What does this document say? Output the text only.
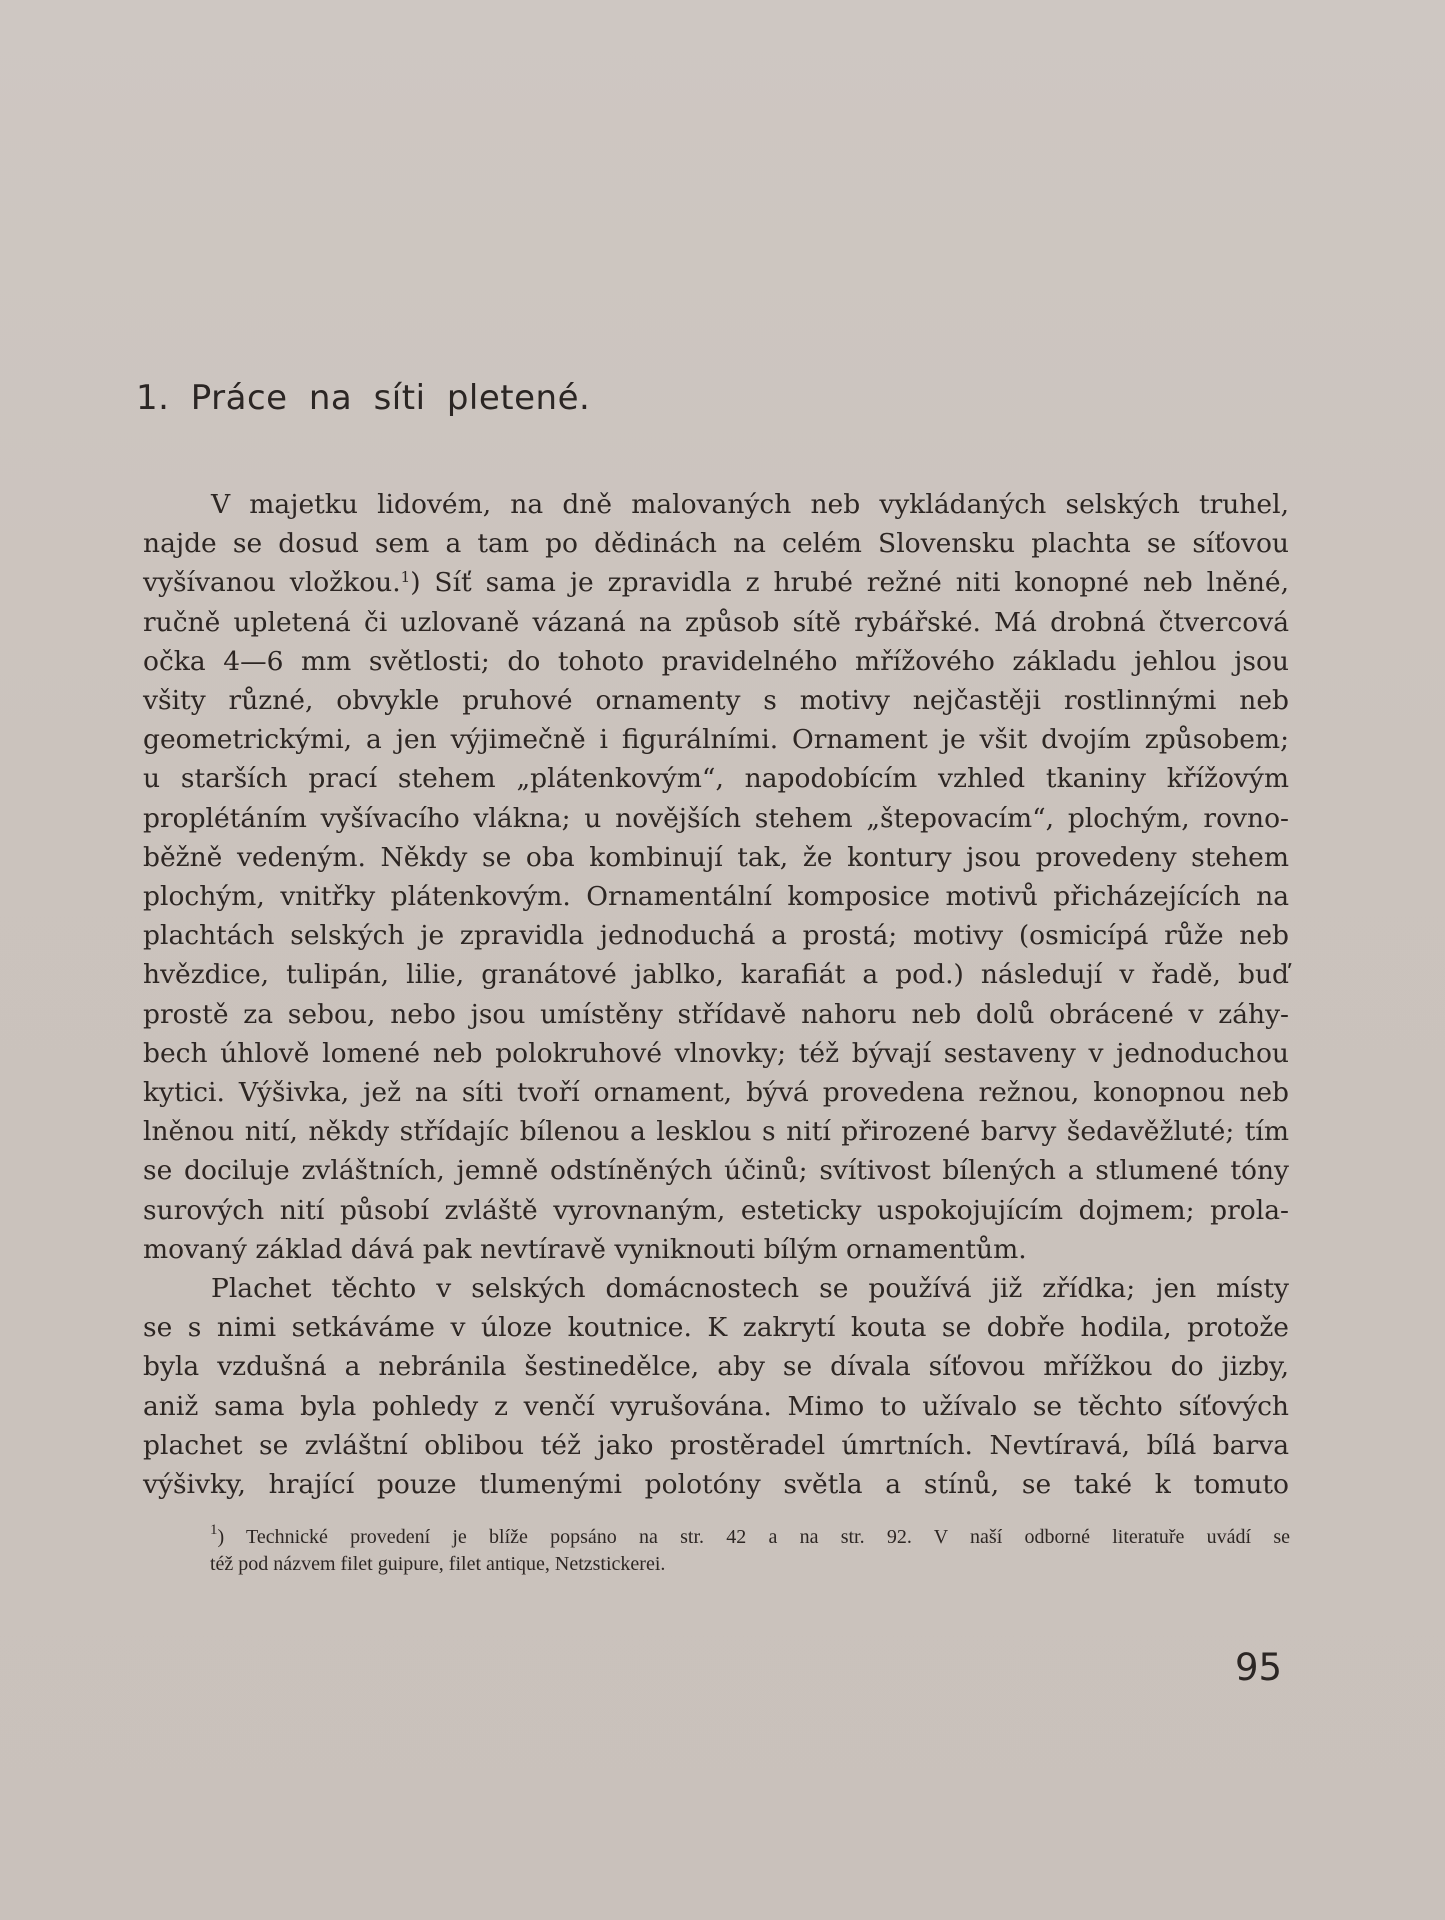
1. Práce na síti pletené.
V majetku lidovém, na dně malovaných neb vykládaných selských truhel,
najde se dosud sem a tam po dědinách na celém Slovensku plachta se síťovou
vyšívanou vložkou.$^1$) Síť sama je zpravidla z hrubé režné niti konopné neb lněné,
ručně upletená či uzlovaně vázaná na způsob sítě rybářské. Má drobná čtvercová
očka 4—6 mm světlosti; do tohoto pravidelného mřížového základu jehlou jsou
všity různé, obvykle pruhové ornamenty s motivy nejčastěji rostlinnými neb
geometrickými, a jen výjimečně i figurálními. Ornament je všit dvojím způsobem;
u starších prací stehem „plátenkovým“, napodobícím vzhled tkaniny křížovým
proplétáním vyšívacího vlákna; u novějších stehem „štepovacím“, plochým, rovno-
běžně vedeným. Někdy se oba kombinují tak, že kontury jsou provedeny stehem
plochým, vnitřky plátenkovým. Ornamentální komposice motivů přicházejících na
plachtách selských je zpravidla jednoduchá a prostá; motivy (osmicípá růže neb
hvězdice, tulipán, lilie, granátové jablko, karafiát a pod.) následují v řadě, buď
prostě za sebou, nebo jsou umístěny střídavě nahoru neb dolů obrácené v záhy-
bech úhlově lomené neb polokruhové vlnovky; též bývají sestaveny v jednoduchou
kytici. Výšivka, jež na síti tvoří ornament, bývá provedena režnou, konopnou neb
lněnou nití, někdy střídajíc bílenou a lesklou s nití přirozené barvy šedavěžluté; tím
se dociluje zvláštních, jemně odstíněných účinů; svítivost bílených a stlumené tóny
surových nití působí zvláště vyrovnaným, esteticky uspokojujícím dojmem; prola-
movaný základ dává pak nevtíravě vyniknouti bílým ornamentům.
Plachet těchto v selských domácnostech se používá již zřídka; jen místy
se s nimi setkáváme v úloze koutnice. K zakrytí kouta se dobře hodila, protože
byla vzdušná a nebránila šestinedělce, aby se dívala síťovou mřížkou do jizby,
aniž sama byla pohledy z venčí vyrušována. Mimo to užívalo se těchto síťových
plachet se zvláštní oblibou též jako prostěradel úmrtních. Nevtíravá, bílá barva
výšivky, hrající pouze tlumenými polotóny světla a stínů, se také k tomuto
$^1$) Technické provedení je blíže popsáno na str. 42 a na str. 92. V naší odborné literatuře uvádí se
též pod názvem filet guipure, filet antique, Netzstickerei.
95
